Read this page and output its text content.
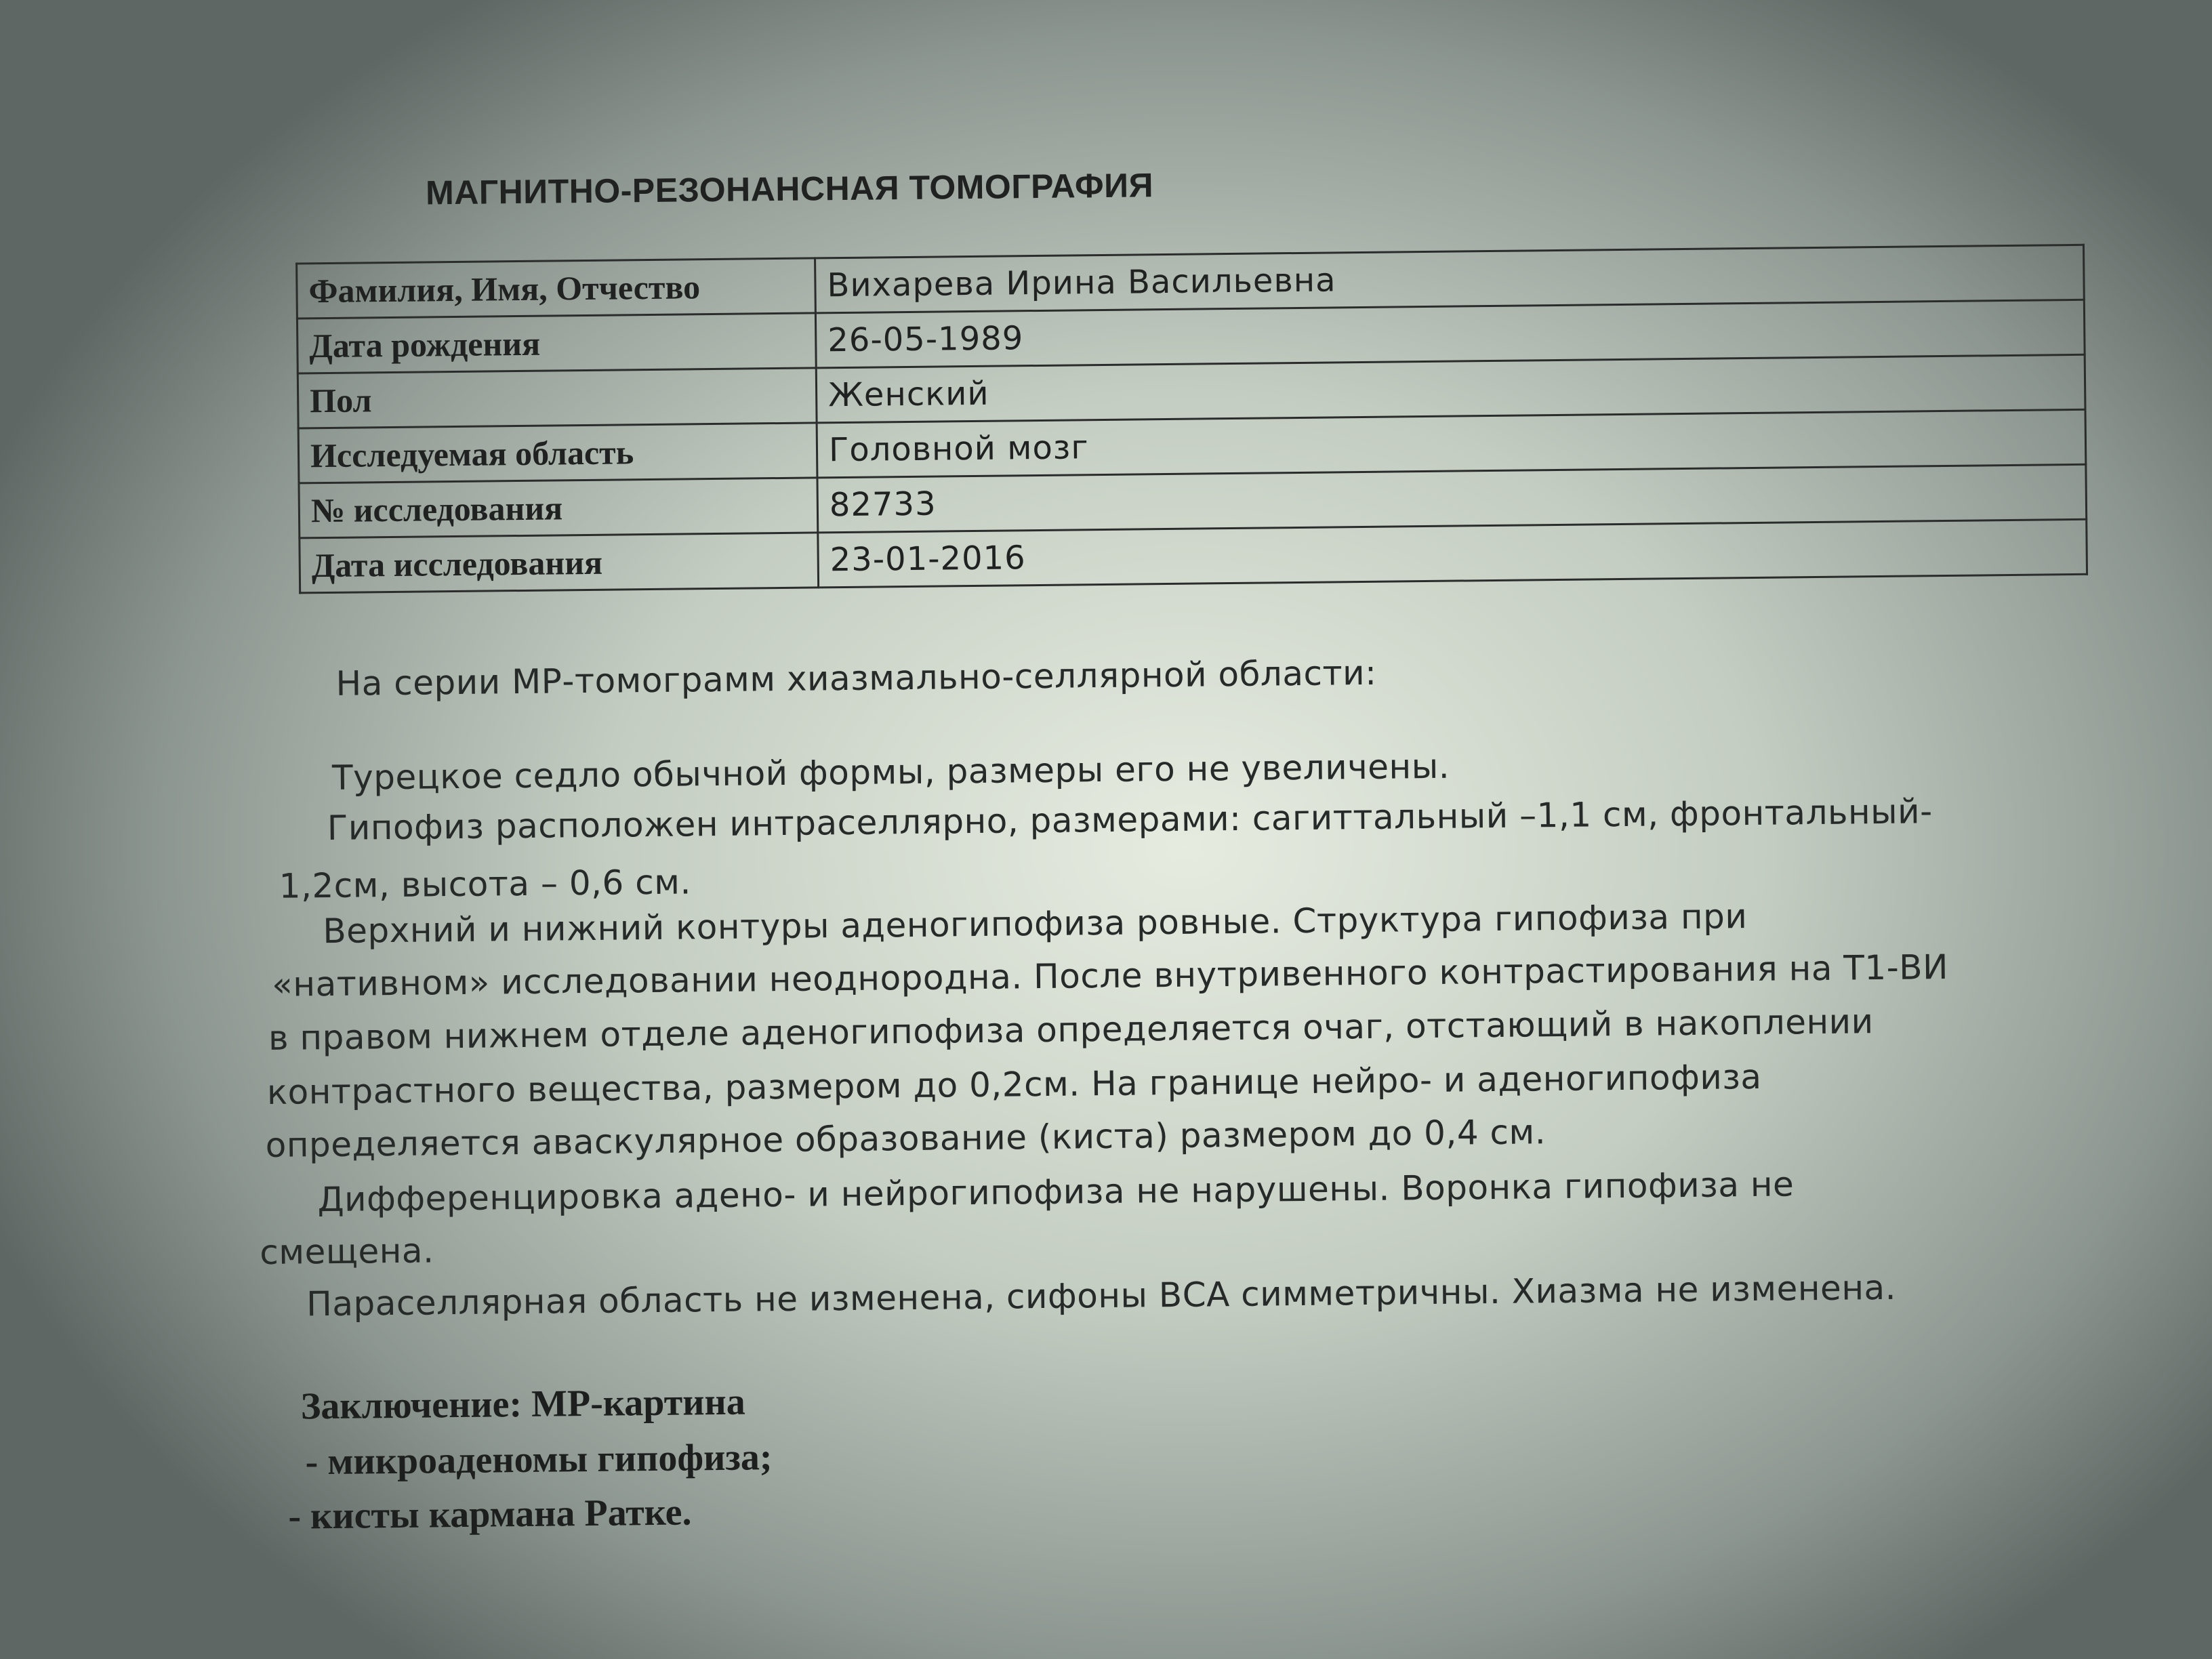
МАГНИТНО-РЕЗОНАНСНАЯ ТОМОГРАФИЯ
Фамилия, Имя, Отчество	Вихарева Ирина Васильевна
Дата рождения	26-05-1989
Пол	Женский
Исследуемая область	Головной мозг
№ исследования	82733
Дата исследования	23-01-2016
На серии МР-томограмм хиазмально-селлярной области:
Турецкое седло обычной формы, размеры его не увеличены.
Гипофиз расположен интраселлярно, размерами: сагиттальный –1,1 см, фронтальный-
1,2см, высота – 0,6 см.
Верхний и нижний контуры аденогипофиза ровные. Структура гипофиза при
«нативном» исследовании неоднородна. После внутривенного контрастирования на Т1-ВИ
в правом нижнем отделе аденогипофиза определяется очаг, отстающий в накоплении
контрастного вещества, размером до 0,2см. На границе нейро- и аденогипофиза
определяется аваскулярное образование (киста) размером до 0,4 см.
Дифференцировка адено- и нейрогипофиза не нарушены. Воронка гипофиза не
смещена.
Параселлярная область не изменена, сифоны ВСА симметричны. Хиазма не изменена.
Заключение: МР-картина
- микроаденомы гипофиза;
- кисты кармана Ратке.
